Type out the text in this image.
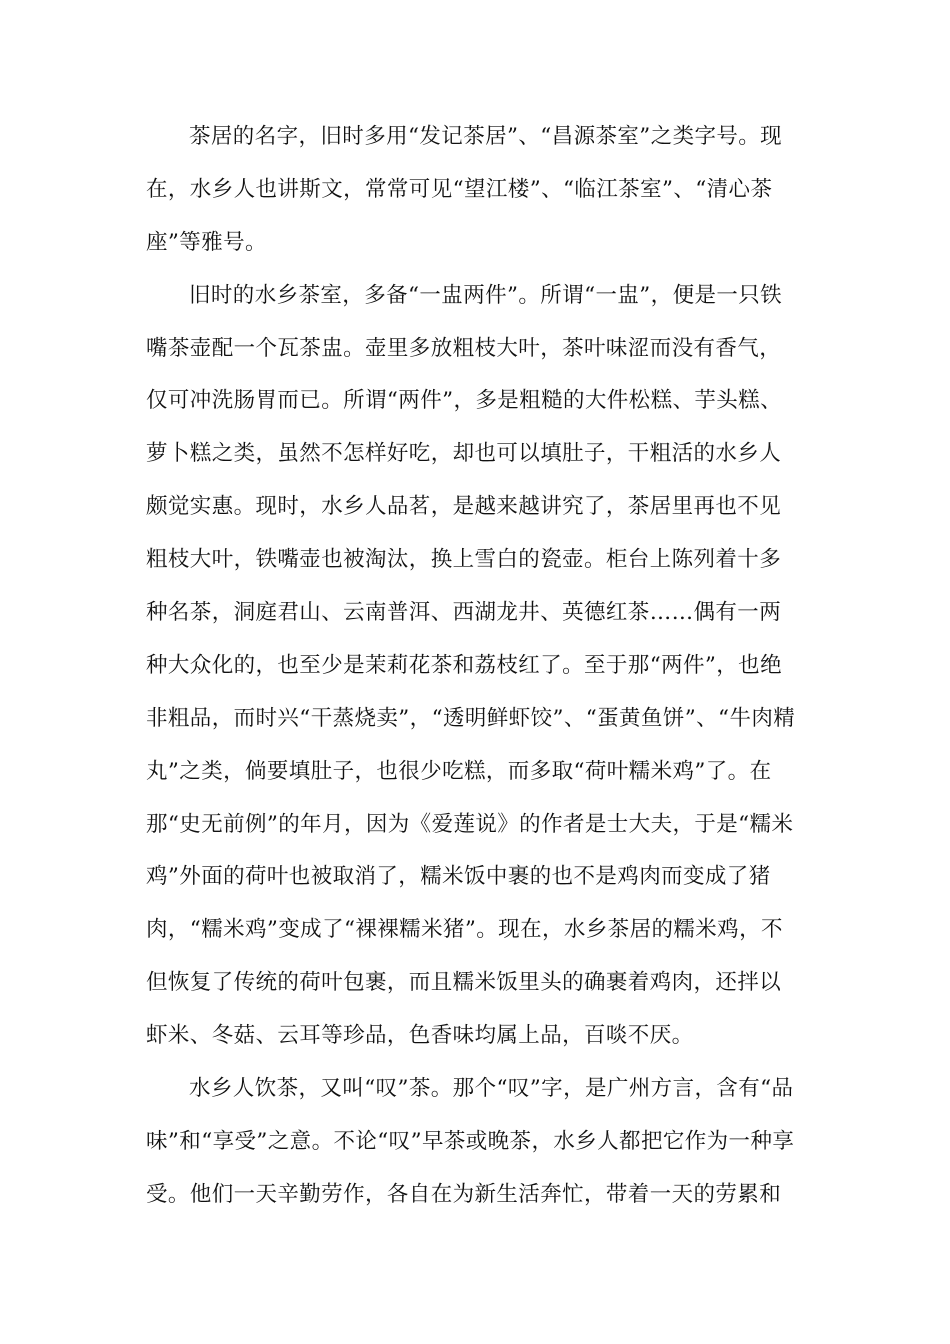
茶居的名字，旧时多用“发记茶居”、“昌源茶室”之类字号。现
在，水乡人也讲斯文，常常可见“望江楼”、“临江茶室”、“清心茶
座”等雅号。
旧时的水乡茶室，多备“一盅两件”。所谓“一盅”，便是一只铁
嘴茶壶配一个瓦茶盅。壶里多放粗枝大叶，茶叶味涩而没有香气，
仅可冲洗肠胃而已。所谓“两件”，多是粗糙的大件松糕、芋头糕、
萝卜糕之类，虽然不怎样好吃，却也可以填肚子，干粗活的水乡人
颇觉实惠。现时，水乡人品茗，是越来越讲究了，茶居里再也不见
粗枝大叶，铁嘴壶也被淘汰，换上雪白的瓷壶。柜台上陈列着十多
种名茶，洞庭君山、云南普洱、西湖龙井、英德红茶……偶有一两
种大众化的，也至少是茉莉花茶和荔枝红了。至于那“两件”，也绝
非粗品，而时兴“干蒸烧卖”，“透明鲜虾饺”、“蛋黄鱼饼”、“牛肉精
丸”之类，倘要填肚子，也很少吃糕，而多取“荷叶糯米鸡”了。在
那“史无前例”的年月，因为《爱莲说》的作者是士大夫，于是“糯米
鸡”外面的荷叶也被取消了，糯米饭中裹的也不是鸡肉而变成了猪
肉，“糯米鸡”变成了“裸裸糯米猪”。现在，水乡茶居的糯米鸡，不
但恢复了传统的荷叶包裹，而且糯米饭里头的确裹着鸡肉，还拌以
虾米、冬菇、云耳等珍品，色香味均属上品，百啖不厌。
水乡人饮茶，又叫“叹”茶。那个“叹”字，是广州方言，含有“品
味”和“享受”之意。不论“叹”早茶或晚茶，水乡人都把它作为一种享
受。他们一天辛勤劳作，各自在为新生活奔忙，带着一天的劳累和
